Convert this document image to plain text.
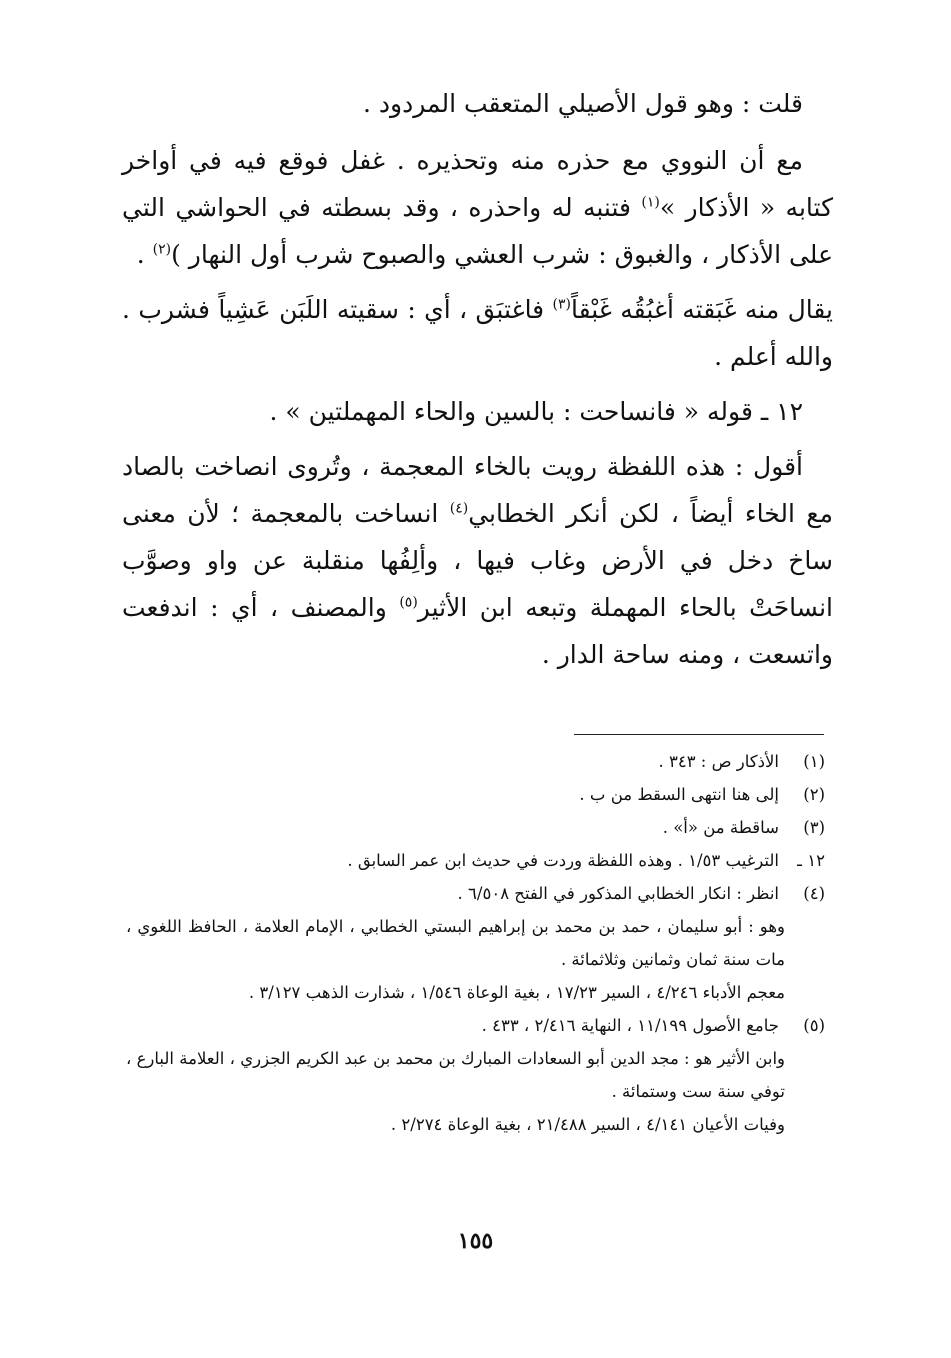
قلت : وهو قول الأصيلي المتعقب المردود .

مع أن النووي مع حذره منه وتحذيره . غفل فوقع فيه في أواخر كتابه « الأذكار »$^{(١)}$ فتنبه له واحذره ، وقد بسطته في الحواشي التي على الأذكار ، والغبوق : شرب العشي والصبوح شرب أول النهار )$^{(٢)}$ .

يقال منه غَبَقته أغبُقُه غَبْقاً$^{(٣)}$ فاغتبَق ، أي : سقيته اللَبَن عَشِياً فشرب . والله أعلم .

١٢ ـ قوله « فانساحت : بالسين والحاء المهملتين » .

أقول : هذه اللفظة رويت بالخاء المعجمة ، وتُروى انصاخت بالصاد مع الخاء أيضاً ، لكن أنكر الخطابي$^{(٤)}$ انساخت بالمعجمة ؛ لأن معنى ساخ دخل في الأرض وغاب فيها ، وألِفُها منقلبة عن واو وصوَّب انساحَتْ بالحاء المهملة وتبعه ابن الأثير$^{(٥)}$ والمصنف ، أي : اندفعت واتسعت ، ومنه ساحة الدار .

(١)
الأذكار ص : ٣٤٣ .
(٢)
إلى هنا انتهى السقط من ب .
(٣)
ساقطة من «أ» .
١٢ ـ
الترغيب ١/٥٣ . وهذه اللفظة وردت في حديث ابن عمر السابق .
(٤)
انظر : انكار الخطابي المذكور في الفتح ٦/٥٠٨ .
وهو : أبو سليمان ، حمد بن محمد بن إبراهيم البستي الخطابي ، الإمام العلامة ، الحافظ اللغوي ، مات سنة ثمان وثمانين وثلاثمائة .
معجم الأدباء ٤/٢٤٦ ، السير ١٧/٢٣ ، بغية الوعاة ١/٥٤٦ ، شذارت الذهب ٣/١٢٧ .
(٥)
جامع الأصول ١١/١٩٩ ، النهاية ٢/٤١٦ ، ٤٣٣ .
وابن الأثير هو : مجد الدين أبو السعادات المبارك بن محمد بن عبد الكريم الجزري ، العلامة البارع ، توفي سنة ست وستمائة .
وفيات الأعيان ٤/١٤١ ، السير ٢١/٤٨٨ ، بغية الوعاة ٢/٢٧٤ .
١٥٥
